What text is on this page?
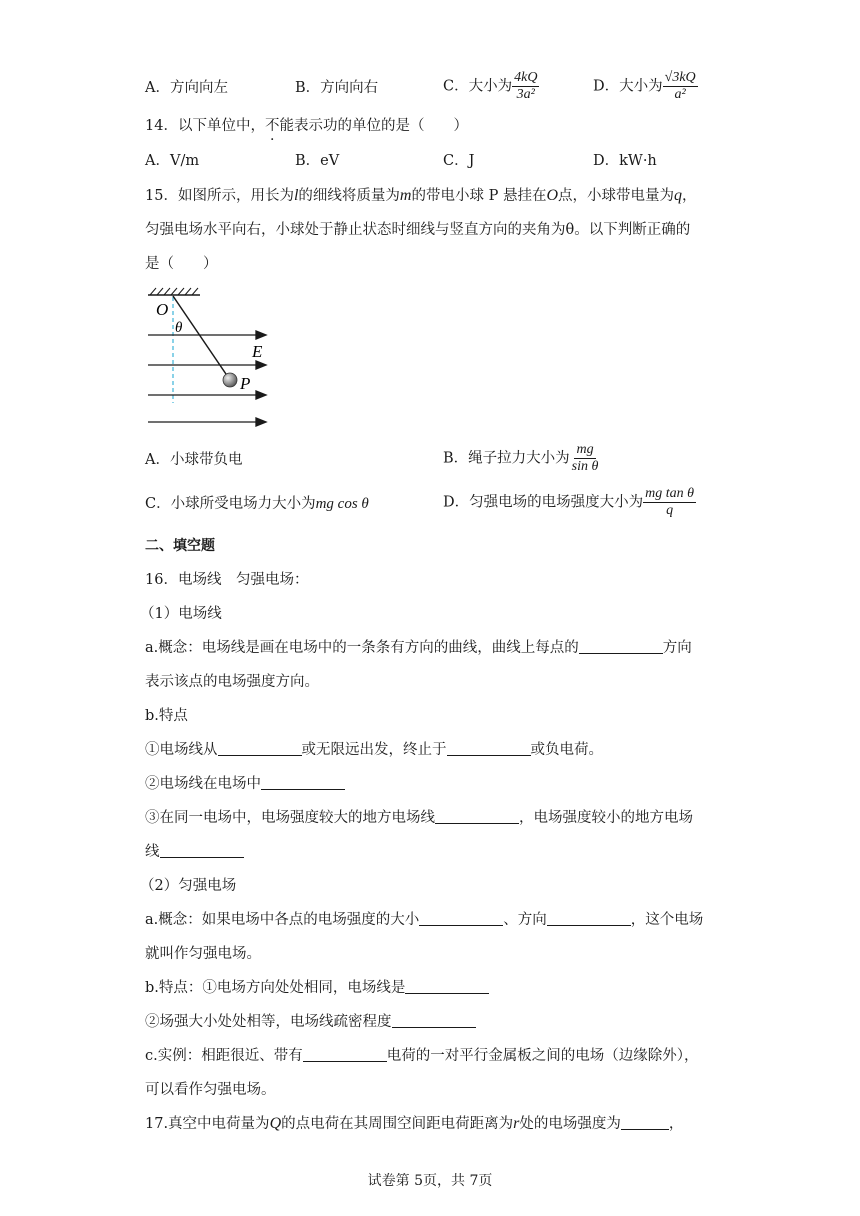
A．方向向左	B．方向向右	C．大小为 $\frac{4kQ}{\text{3a²}}$	D．大小为 $\frac{√3kQ}{\text{a²}}$
14．以下单位中，不能表示功的单位的是（　　）
A．V/m	B．eV	C．J	D．kW·h
15．如图所示，用长为l的细线将质量为m的带电小球 P 悬挂在O点，小球带电量为q，
匀强电场水平向右，小球处于静止状态时细线与竖直方向的夹角为θ。以下判断正确的
是（　　）
O
θ
E
P
A．小球带负电	B．绳子拉力大小为 $\frac{mg}{\text{sin θ}}$
C．小球所受电场力大小为mg cos θ	D．匀强电场的电场强度大小为 $\frac{\text{mg tan θ}}{q}$
二、填空题
16．电场线　匀强电场：
（1）电场线
a.概念：电场线是画在电场中的一条条有方向的曲线，曲线上每点的	方向
表示该点的电场强度方向。
b.特点
①电场线从	或无限远出发，终止于	或负电荷。
②电场线在电场中
③在同一电场中，电场强度较大的地方电场线	，电场强度较小的地方电场
线
（2）匀强电场
a.概念：如果电场中各点的电场强度的大小	、方向	，这个电场
就叫作匀强电场。
b.特点：①电场方向处处相同，电场线是
②场强大小处处相等，电场线疏密程度
c.实例：相距很近、带有	电荷的一对平行金属板之间的电场（边缘除外），
可以看作匀强电场。
17.真空中电荷量为Q的点电荷在其周围空间距电荷距离为r处的电场强度为	，
试卷第 5页，共 7页
